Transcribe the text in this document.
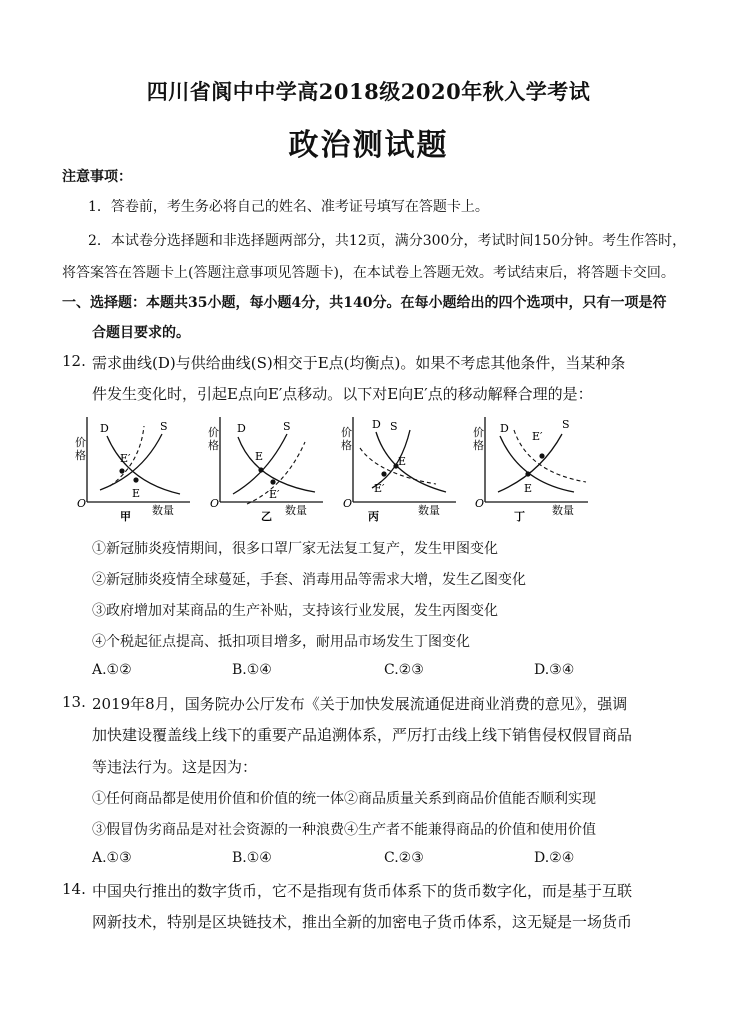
四川省阆中中学高2018级2020年秋入学考试
政治测试题
注意事项：
1．答卷前，考生务必将自己的姓名、准考证号填写在答题卡上。
2．本试卷分选择题和非选择题两部分，共12页，满分300分，考试时间150分钟。考生作答时，
将答案答在答题卡上(答题注意事项见答题卡)，在本试卷上答题无效。考试结束后，将答题卡交回。
一、选择题：本题共35小题，每小题4分，共140分。在每小题给出的四个选项中，只有一项是符
合题目要求的。
12. 需求曲线(D)与供给曲线(S)相交于E点(均衡点)。如果不考虑其他条件，当某种条
件发生变化时，引起E点向E′点移动。以下对E向E′点的移动解释合理的是：
O
价
格
D	S
E′
E
数量
甲
O
价
格
D	S
E
E′
数量
乙
O
价
格
D S
E
E′
数量
丙
O
价
格
D	S
E′
E
数量
丁
①新冠肺炎疫情期间，很多口罩厂家无法复工复产，发生甲图变化
②新冠肺炎疫情全球蔓延，手套、消毒用品等需求大增，发生乙图变化
③政府增加对某商品的生产补贴，支持该行业发展，发生丙图变化
④个税起征点提高、抵扣项目增多，耐用品市场发生丁图变化
A.①②	B.①④	C.②③	D.③④
13. 2019年8月，国务院办公厅发布《关于加快发展流通促进商业消费的意见》，强调
加快建设覆盖线上线下的重要产品追溯体系，严厉打击线上线下销售侵权假冒商品
等违法行为。这是因为：
①任何商品都是使用价值和价值的统一体②商品质量关系到商品价值能否顺利实现
③假冒伪劣商品是对社会资源的一种浪费④生产者不能兼得商品的价值和使用价值
A.①③	B.①④	C.②③	D.②④
14. 中国央行推出的数字货币，它不是指现有货币体系下的货币数字化，而是基于互联
网新技术，特别是区块链技术，推出全新的加密电子货币体系，这无疑是一场货币
